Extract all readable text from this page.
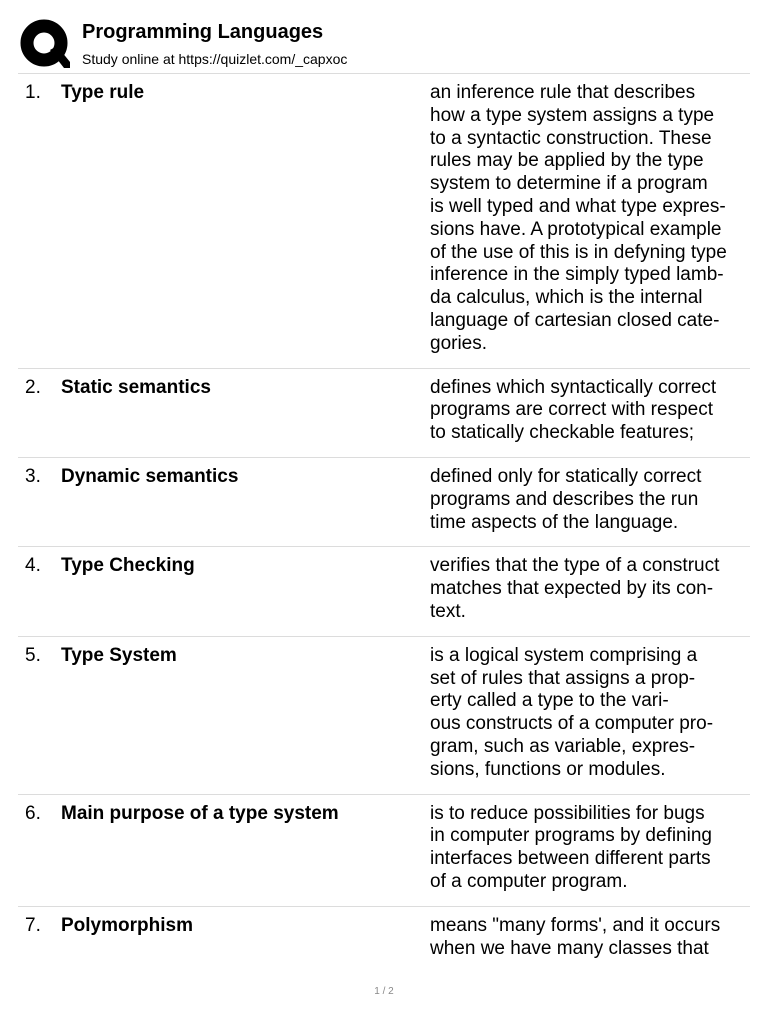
Programming Languages
Study online at https://quizlet.com/_capxoc
1. Type rule	an inference rule that describes
how a type system assigns a type
to a syntactic construction. These
rules may be applied by the type
system to determine if a program
is well typed and what type expres-
sions have. A prototypical example
of the use of this is in defyning type
inference in the simply typed lamb-
da calculus, which is the internal
language of cartesian closed cate-
gories.
2. Static semantics	defines which syntactically correct
programs are correct with respect
to statically checkable features;
3. Dynamic semantics	defined only for statically correct
programs and describes the run
time aspects of the language.
4. Type Checking	verifies that the type of a construct
matches that expected by its con-
text.
5. Type System	is a logical system comprising a
set of rules that assigns a prop-
erty called a type to the vari-
ous constructs of a computer pro-
gram, such as variable, expres-
sions, functions or modules.
6. Main purpose of a type system	is to reduce possibilities for bugs
in computer programs by defining
interfaces between different parts
of a computer program.
7. Polymorphism	means "many forms', and it occurs
when we have many classes that
1 / 2
